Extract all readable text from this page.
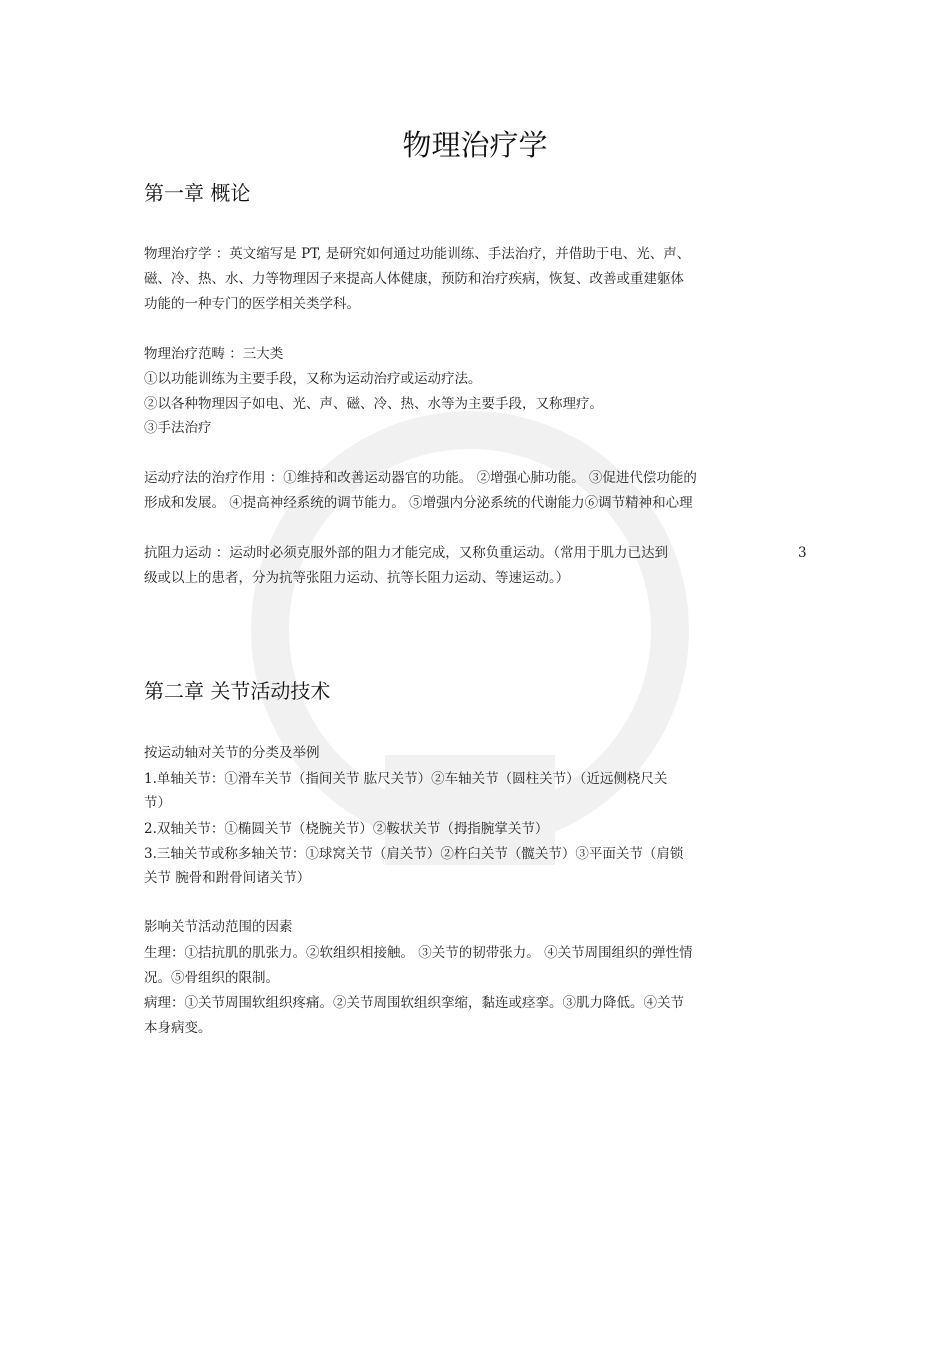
物理治疗学
第一章 概论
物理治疗学 ：英文缩写是 PT, 是研究如何通过功能训练、手法治疗，并借助于电、光、声、
磁、冷、热、水、力等物理因子来提高人体健康，预防和治疗疾病，恢复、改善或重建躯体
功能的一种专门的医学相关类学科。
物理治疗范畴 ：三大类
①以功能训练为主要手段，又称为运动治疗或运动疗法。
②以各种物理因子如电、光、声、磁、冷、热、水等为主要手段，又称理疗。
③手法治疗
运动疗法的治疗作用 ：①维持和改善运动器官的功能。 ②增强心肺功能。 ③促进代偿功能的
形成和发展。 ④提高神经系统的调节能力。 ⑤增强内分泌系统的代谢能力⑥调节精神和心理
抗阻力运动 ：运动时必须克服外部的阻力才能完成，又称负重运动。（常用于肌力已达到	3
级或以上的患者，分为抗等张阻力运动、抗等长阻力运动、等速运动。）
第二章 关节活动技术
按运动轴对关节的分类及举例
1.单轴关节：①滑车关节（指间关节 肱尺关节）②车轴关节（圆柱关节）（近远侧桡尺关
节）
2.双轴关节：①椭圆关节（桡腕关节）②鞍状关节（拇指腕掌关节）
3.三轴关节或称多轴关节：①球窝关节（肩关节）②杵臼关节（髋关节）③平面关节（肩锁
关节 腕骨和跗骨间诸关节）
影响关节活动范围的因素
生理：①拮抗肌的肌张力。②软组织相接触。 ③关节的韧带张力。 ④关节周围组织的弹性情
况。⑤骨组织的限制。
病理：①关节周围软组织疼痛。②关节周围软组织挛缩，黏连或痉挛。③肌力降低。④关节
本身病变。
